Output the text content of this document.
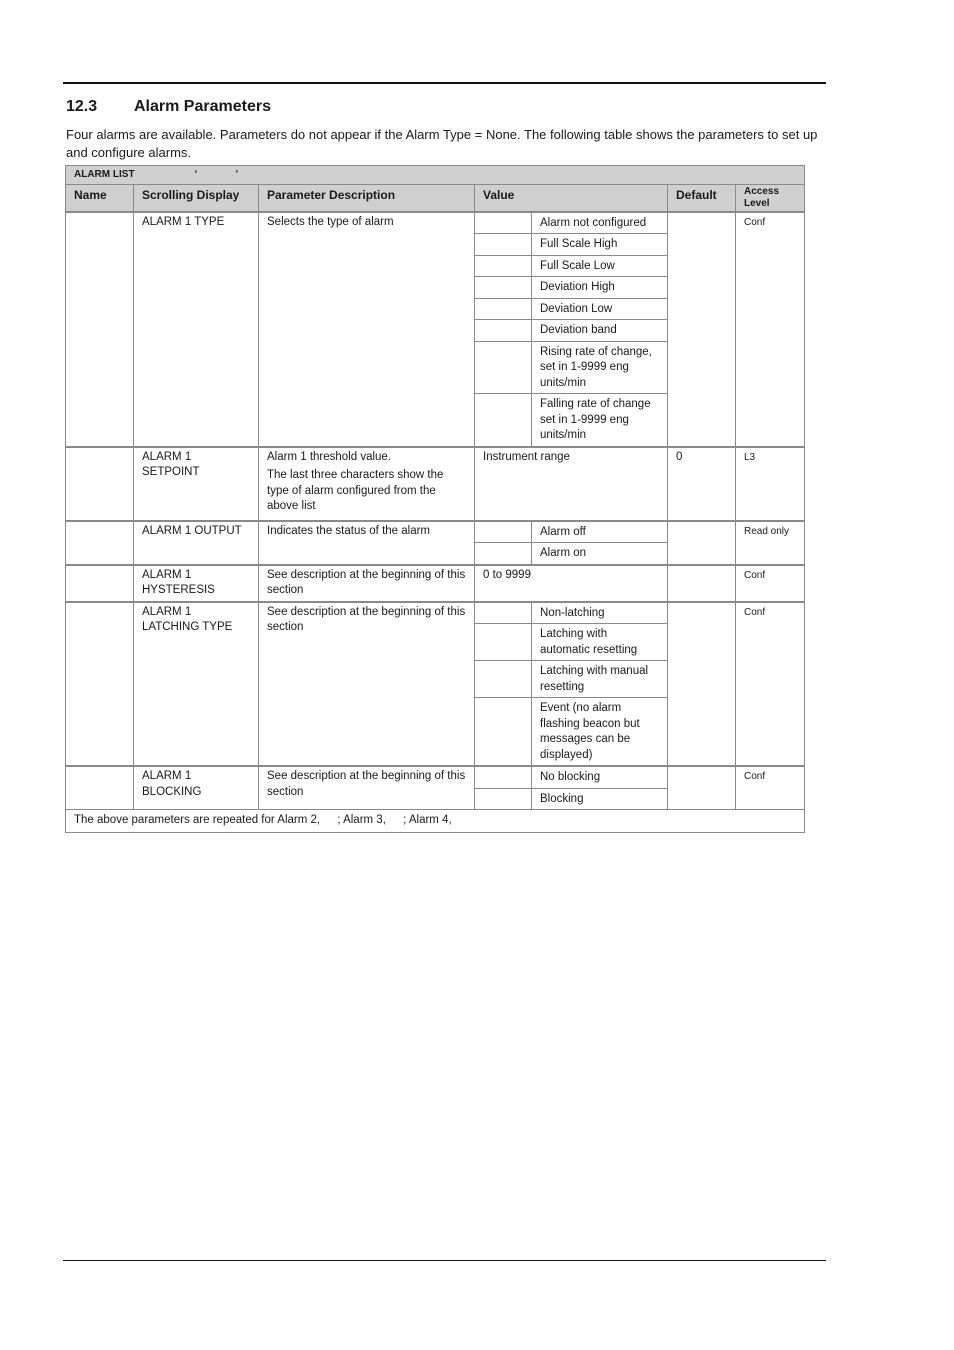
12.3 Alarm Parameters
Four alarms are available. Parameters do not appear if the Alarm Type = None. The following table shows the parameters to set up and configure alarms.
ALARM LIST ‘ ’						
Name	Scrolling Display	Parameter Description	Value		Default	Access
Level

	ALARM 1 TYPE	Selects the type of alarm		Alarm not configured		Conf
				Full Scale High		
				Full Scale Low		
				Deviation High		
				Deviation Low		
				Deviation band		
				Rising rate of change, set in 1-9999 eng units/min		
				Falling rate of change set in 1-9999 eng units/min		
	ALARM 1 SETPOINT	Alarm 1 threshold value.

The last three characters show the type of alarm configured from the above list	Instrument range		0	L3
	ALARM 1 OUTPUT	Indicates the status of the alarm		Alarm off		Read only
				Alarm on		
	ALARM 1 HYSTERESIS	See description at the beginning of this section	0 to 9999			Conf
	ALARM 1 LATCHING TYPE	See description at the beginning of this section		Non-latching		Conf
				Latching with automatic resetting		
				Latching with manual resetting		
				Event (no alarm flashing beacon but messages can be displayed)		
	ALARM 1 BLOCKING	See description at the beginning of this section		No blocking		Conf
				Blocking		
The above parameters are repeated for Alarm 2, ; Alarm 3, ; Alarm 4,						
